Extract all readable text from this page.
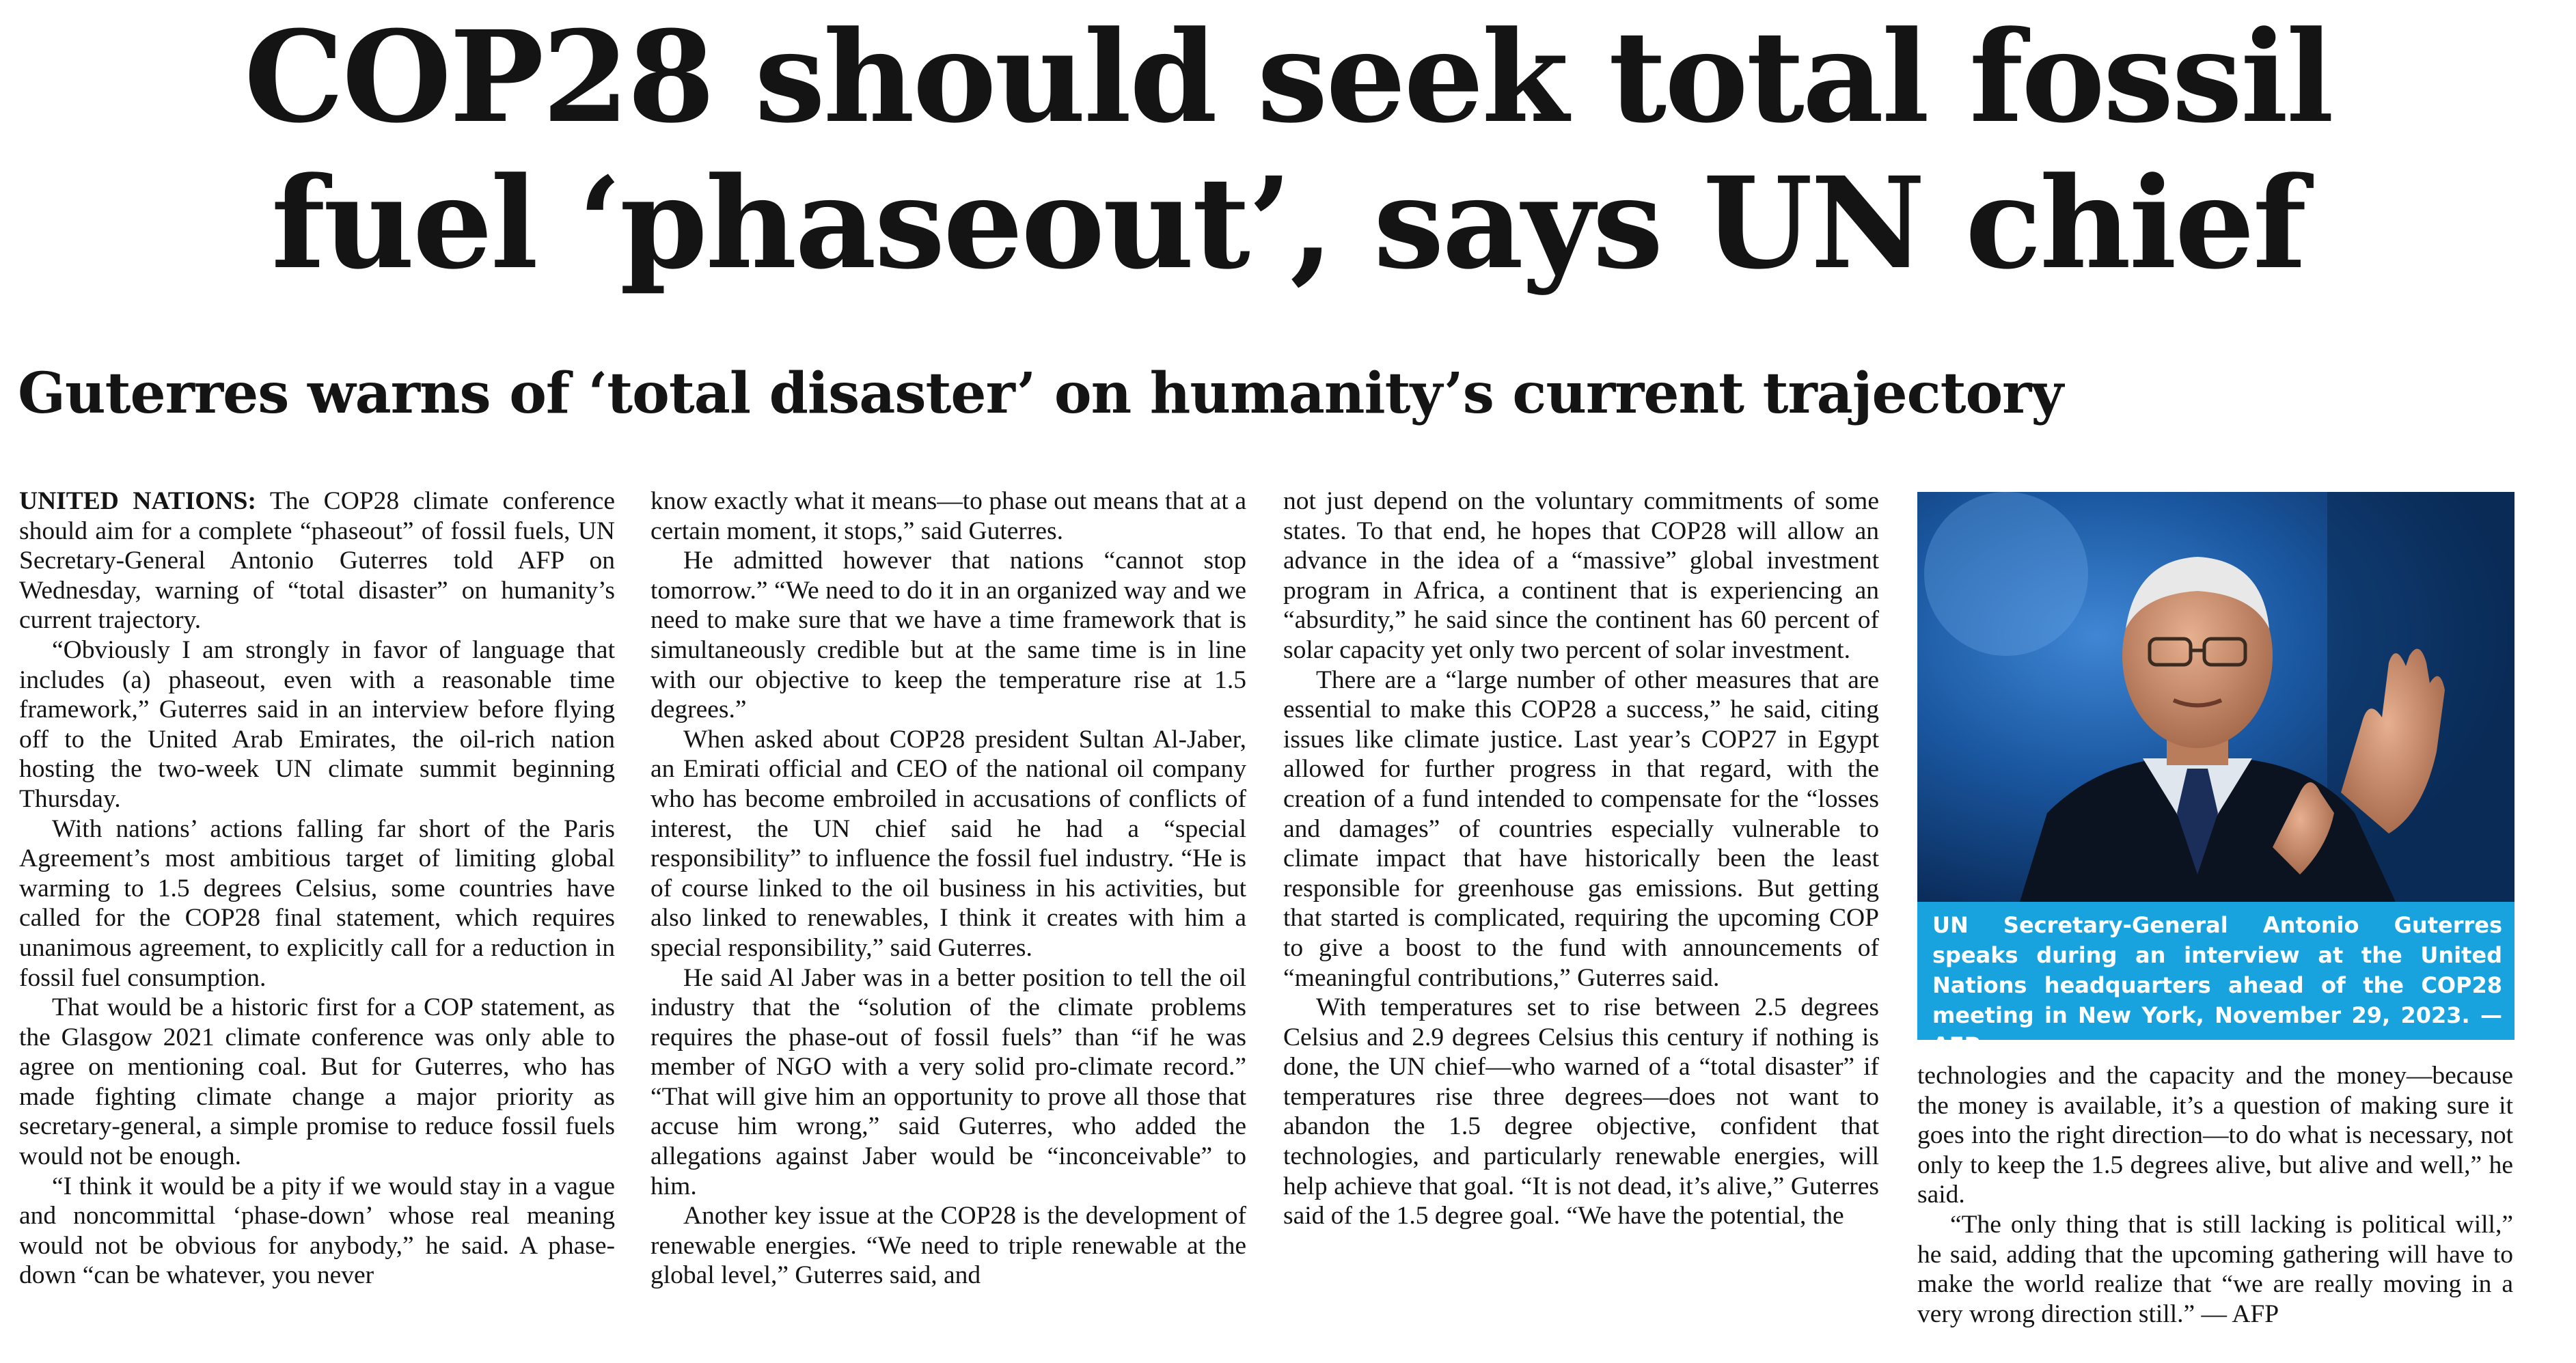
COP28 should seek total fossil
fuel ‘phaseout’, says UN chief
Guterres warns of ‘total disaster’ on humanity’s current trajectory

UNITED NATIONS: The COP28 climate conference should aim for a complete “phaseout” of fossil fuels, UN Secretary-General Antonio Guterres told AFP on Wednesday, warning of “total disaster” on humanity’s current trajectory.

“Obviously I am strongly in favor of language that includes (a) phaseout, even with a reasonable time framework,” Guterres said in an interview before flying off to the United Arab Emirates, the oil-rich nation hosting the two-week UN climate summit beginning Thursday.

With nations’ actions falling far short of the Paris Agreement’s most ambitious target of limiting global warming to 1.5 degrees Celsius, some countries have called for the COP28 final statement, which requires unanimous agreement, to explicitly call for a reduction in fossil fuel consumption.

That would be a historic first for a COP statement, as the Glasgow 2021 climate conference was only able to agree on mentioning coal. But for Guterres, who has made fighting climate change a major priority as secretary-general, a simple promise to reduce fossil fuels would not be enough.

“I think it would be a pity if we would stay in a vague and noncommittal ‘phase-down’ whose real meaning would not be obvious for anybody,” he said. A phase-down “can be whatever, you never

know exactly what it means—to phase out means that at a certain moment, it stops,” said Guterres.

He admitted however that nations “cannot stop tomorrow.” “We need to do it in an organized way and we need to make sure that we have a time framework that is simultaneously credible but at the same time is in line with our objective to keep the temperature rise at 1.5 degrees.”

When asked about COP28 president Sultan Al-Jaber, an Emirati official and CEO of the national oil company who has become embroiled in accusations of conflicts of interest, the UN chief said he had a “special responsibility” to influence the fossil fuel industry. “He is of course linked to the oil business in his activities, but also linked to renewables, I think it creates with him a special responsibility,” said Guterres.

He said Al Jaber was in a better position to tell the oil industry that the “solution of the climate problems requires the phase-out of fossil fuels” than “if he was member of NGO with a very solid pro-climate record.” “That will give him an opportunity to prove all those that accuse him wrong,” said Guterres, who added the allegations against Jaber would be “inconceivable” to him.

Another key issue at the COP28 is the development of renewable energies. “We need to triple renewable at the global level,” Guterres said, and

not just depend on the voluntary commitments of some states. To that end, he hopes that COP28 will allow an advance in the idea of a “massive” global investment program in Africa, a continent that is experiencing an “absurdity,” he said since the continent has 60 percent of solar capacity yet only two percent of solar investment.

There are a “large number of other measures that are essential to make this COP28 a success,” he said, citing issues like climate justice. Last year’s COP27 in Egypt allowed for further progress in that regard, with the creation of a fund intended to compensate for the “losses and damages” of countries especially vulnerable to climate impact that have historically been the least responsible for greenhouse gas emissions. But getting that started is complicated, requiring the upcoming COP to give a boost to the fund with announcements of “meaningful contributions,” Guterres said.

With temperatures set to rise between 2.5 degrees Celsius and 2.9 degrees Celsius this century if nothing is done, the UN chief—who warned of a “total disaster” if temperatures rise three degrees—does not want to abandon the 1.5 degree objective, confident that technologies, and particularly renewable energies, will help achieve that goal. “It is not dead, it’s alive,” Guterres said of the 1.5 degree goal. “We have the potential, the

UN Secretary-General Antonio Guterres speaks during an interview at the United Nations headquarters ahead of the COP28 meeting in New York, November 29, 2023. — AFP

technologies and the capacity and the money—because the money is available, it’s a question of making sure it goes into the right direction—to do what is necessary, not only to keep the 1.5 degrees alive, but alive and well,” he said.

“The only thing that is still lacking is political will,” he said, adding that the upcoming gathering will have to make the world realize that “we are really moving in a very wrong direction still.” — AFP
